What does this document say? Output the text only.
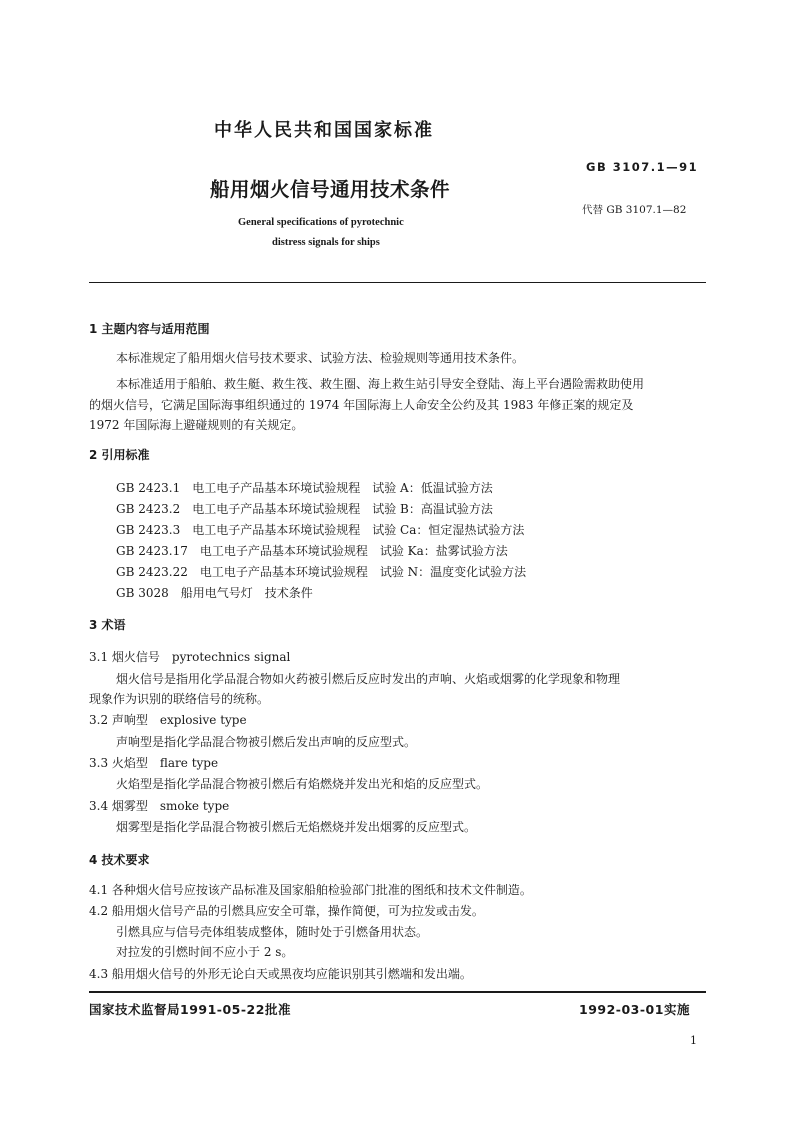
中华人民共和国国家标准
GB 3107.1—91
船用烟火信号通用技术条件
代替 GB 3107.1—82
General specifications of pyrotechnic
distress signals for ships
1 主题内容与适用范围
本标准规定了船用烟火信号技术要求、试验方法、检验规则等通用技术条件。
本标准适用于船舶、救生艇、救生筏、救生圈、海上救生站引导安全登陆、海上平台遇险需救助使用
的烟火信号，它满足国际海事组织通过的 1974 年国际海上人命安全公约及其 1983 年修正案的规定及
1972 年国际海上避碰规则的有关规定。
2 引用标准
GB 2423.1 电工电子产品基本环境试验规程　试验 A：低温试验方法
GB 2423.2 电工电子产品基本环境试验规程　试验 B：高温试验方法
GB 2423.3 电工电子产品基本环境试验规程　试验 Ca：恒定湿热试验方法
GB 2423.17 电工电子产品基本环境试验规程　试验 Ka：盐雾试验方法
GB 2423.22 电工电子产品基本环境试验规程　试验 N：温度变化试验方法
GB 3028 船用电气号灯　技术条件
3 术语
3.1 烟火信号　pyrotechnics signal
烟火信号是指用化学品混合物如火药被引燃后反应时发出的声响、火焰或烟雾的化学现象和物理
现象作为识别的联络信号的统称。
3.2 声响型　explosive type
声响型是指化学品混合物被引燃后发出声响的反应型式。
3.3 火焰型　flare type
火焰型是指化学品混合物被引燃后有焰燃烧并发出光和焰的反应型式。
3.4 烟雾型　smoke type
烟雾型是指化学品混合物被引燃后无焰燃烧并发出烟雾的反应型式。
4 技术要求
4.1 各种烟火信号应按该产品标准及国家船舶检验部门批准的图纸和技术文件制造。
4.2 船用烟火信号产品的引燃具应安全可靠，操作简便，可为拉发或击发。
引燃具应与信号壳体组装成整体，随时处于引燃备用状态。
对拉发的引燃时间不应小于 2 s。
4.3 船用烟火信号的外形无论白天或黑夜均应能识别其引燃端和发出端。
国家技术监督局1991-05-22批准	1992-03-01实施
1
